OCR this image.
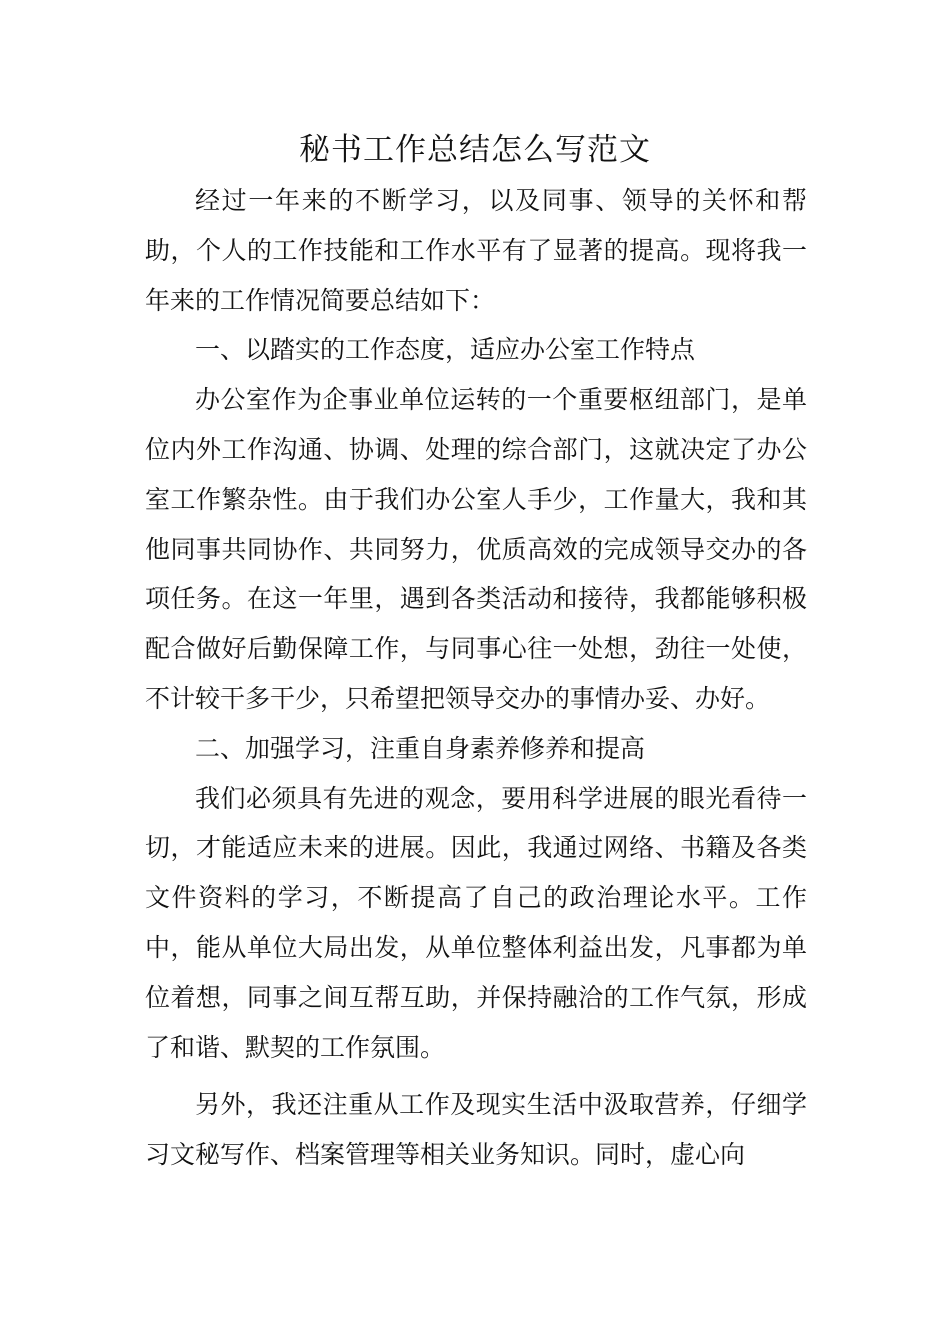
秘书工作总结怎么写范文

经过一年来的不断学习，以及同事、领导的关怀和帮助，个人的工作技能和工作水平有了显著的提高。现将我一年来的工作情况简要总结如下：

一、以踏实的工作态度，适应办公室工作特点

办公室作为企事业单位运转的一个重要枢纽部门，是单位内外工作沟通、协调、处理的综合部门，这就决定了办公室工作繁杂性。由于我们办公室人手少，工作量大，我和其他同事共同协作、共同努力，优质高效的完成领导交办的各项任务。在这一年里，遇到各类活动和接待，我都能够积极配合做好后勤保障工作，与同事心往一处想，劲往一处使，不计较干多干少，只希望把领导交办的事情办妥、办好。

二、加强学习，注重自身素养修养和提高

我们必须具有先进的观念，要用科学进展的眼光看待一切，才能适应未来的进展。因此，我通过网络、书籍及各类文件资料的学习，不断提高了自己的政治理论水平。工作中，能从单位大局出发，从单位整体利益出发，凡事都为单位着想，同事之间互帮互助，并保持融洽的工作气氛，形成了和谐、默契的工作氛围。

另外，我还注重从工作及现实生活中汲取营养，仔细学习文秘写作、档案管理等相关业务知识。同时，虚心向
